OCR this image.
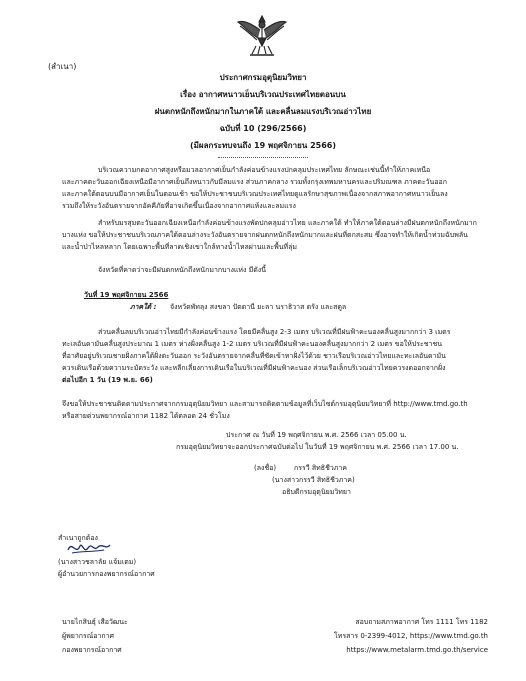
(สำเนา)
ประกาศกรมอุตุนิยมวิทยา
เรื่อง อากาศหนาวเย็นบริเวณประเทศไทยตอนบน
ฝนตกหนักถึงหนักมากในภาคใต้ และคลื่นลมแรงบริเวณอ่าวไทย
ฉบับที่ 10 (296/2566)
(มีผลกระทบจนถึง 19 พฤศจิกายน 2566)
บริเวณความกดอากาศสูงหรือมวลอากาศเย็นกำลังค่อนข้างแรงปกคลุมประเทศไทย ลักษณะเช่นนี้ทำให้ภาคเหนือ
และภาคตะวันออกเฉียงเหนือมีอากาศเย็นถึงหนาวกับมีลมแรง ส่วนภาคกลาง รวมทั้งกรุงเทพมหานครและปริมณฑล ภาคตะวันออก
และภาคใต้ตอนบนมีอากาศเย็นในตอนเช้า ขอให้ประชาชนบริเวณประเทศไทยดูแลรักษาสุขภาพเนื่องจากสภาพอากาศหนาวเย็นลง
รวมถึงให้ระวังอันตรายจากอัคคีภัยที่อาจเกิดขึ้นเนื่องจากอากาศแห้งและลมแรง
สำหรับมรสุมตะวันออกเฉียงเหนือกำลังค่อนข้างแรงพัดปกคลุมอ่าวไทย และภาคใต้ ทำให้ภาคใต้ตอนล่างมีฝนตกหนักถึงหนักมาก
บางแห่ง ขอให้ประชาชนบริเวณภาคใต้ตอนล่างระวังอันตรายจากฝนตกหนักถึงหนักมากและฝนที่ตกสะสม ซึ่งอาจทำให้เกิดน้ำท่วมฉับพลัน
และน้ำป่าไหลหลาก โดยเฉพาะพื้นที่ลาดเชิงเขาใกล้ทางน้ำไหลผ่านและพื้นที่ลุ่ม
จังหวัดที่คาดว่าจะมีฝนตกหนักถึงหนักมากบางแห่ง มีดังนี้
วันที่ 19 พฤศจิกายน 2566
ภาคใต้ : จังหวัดพัทลุง สงขลา ปัตตานี ยะลา นราธิวาส ตรัง และสตูล
ส่วนคลื่นลมบริเวณอ่าวไทยมีกำลังค่อนข้างแรง โดยมีคลื่นสูง 2-3 เมตร บริเวณที่มีฝนฟ้าคะนองคลื่นสูงมากกว่า 3 เมตร
ทะเลอันดามันคลื่นสูงประมาณ 1 เมตร ห่างฝั่งคลื่นสูง 1-2 เมตร บริเวณที่มีฝนฟ้าคะนองคลื่นสูงมากกว่า 2 เมตร ขอให้ประชาชน
ที่อาศัยอยู่บริเวณชายฝั่งภาคใต้ฝั่งตะวันออก ระวังอันตรายจากคลื่นที่ซัดเข้าหาฝั่งไว้ด้วย ชาวเรือบริเวณอ่าวไทยและทะเลอันดามัน
ควรเดินเรือด้วยความระมัดระวัง และหลีกเลี่ยงการเดินเรือในบริเวณที่มีฝนฟ้าคะนอง ส่วนเรือเล็กบริเวณอ่าวไทยควรงดออกจากฝั่ง
ต่อไปอีก 1 วัน (19 พ.ย. 66)
จึงขอให้ประชาชนติดตามประกาศจากกรมอุตุนิยมวิทยา และสามารถติดตามข้อมูลที่เว็บไซต์กรมอุตุนิยมวิทยาที่ http://www.tmd.go.th
หรือสายด่วนพยากรณ์อากาศ 1182 ได้ตลอด 24 ชั่วโมง
ประกาศ ณ วันที่ 19 พฤศจิกายน พ.ศ. 2566 เวลา 05.00 น.
กรมอุตุนิยมวิทยาจะออกประกาศฉบับต่อไป ในวันที่ 19 พฤศจิกายน พ.ศ. 2566 เวลา 17.00 น.
(ลงชื่อ)	กรรวี สิทธิชีวภาค
(นางสาวกรรวี สิทธิชีวภาค)
อธิบดีกรมอุตุนิยมวิทยา
สำเนาถูกต้อง
(นางสาวชลาลัย แจ้มเตม)
ผู้อำนวยการกองพยากรณ์อากาศ
นายไกสินธุ์ เสือวัฒนะ
ผู้พยากรณ์อากาศ
กองพยากรณ์อากาศ
สอบถามสภาพอากาศ โทร 1111 โทร 1182
โทรสาร 0-2399-4012, https://www.tmd.go.th
https://www.metalarm.tmd.go.th/service
